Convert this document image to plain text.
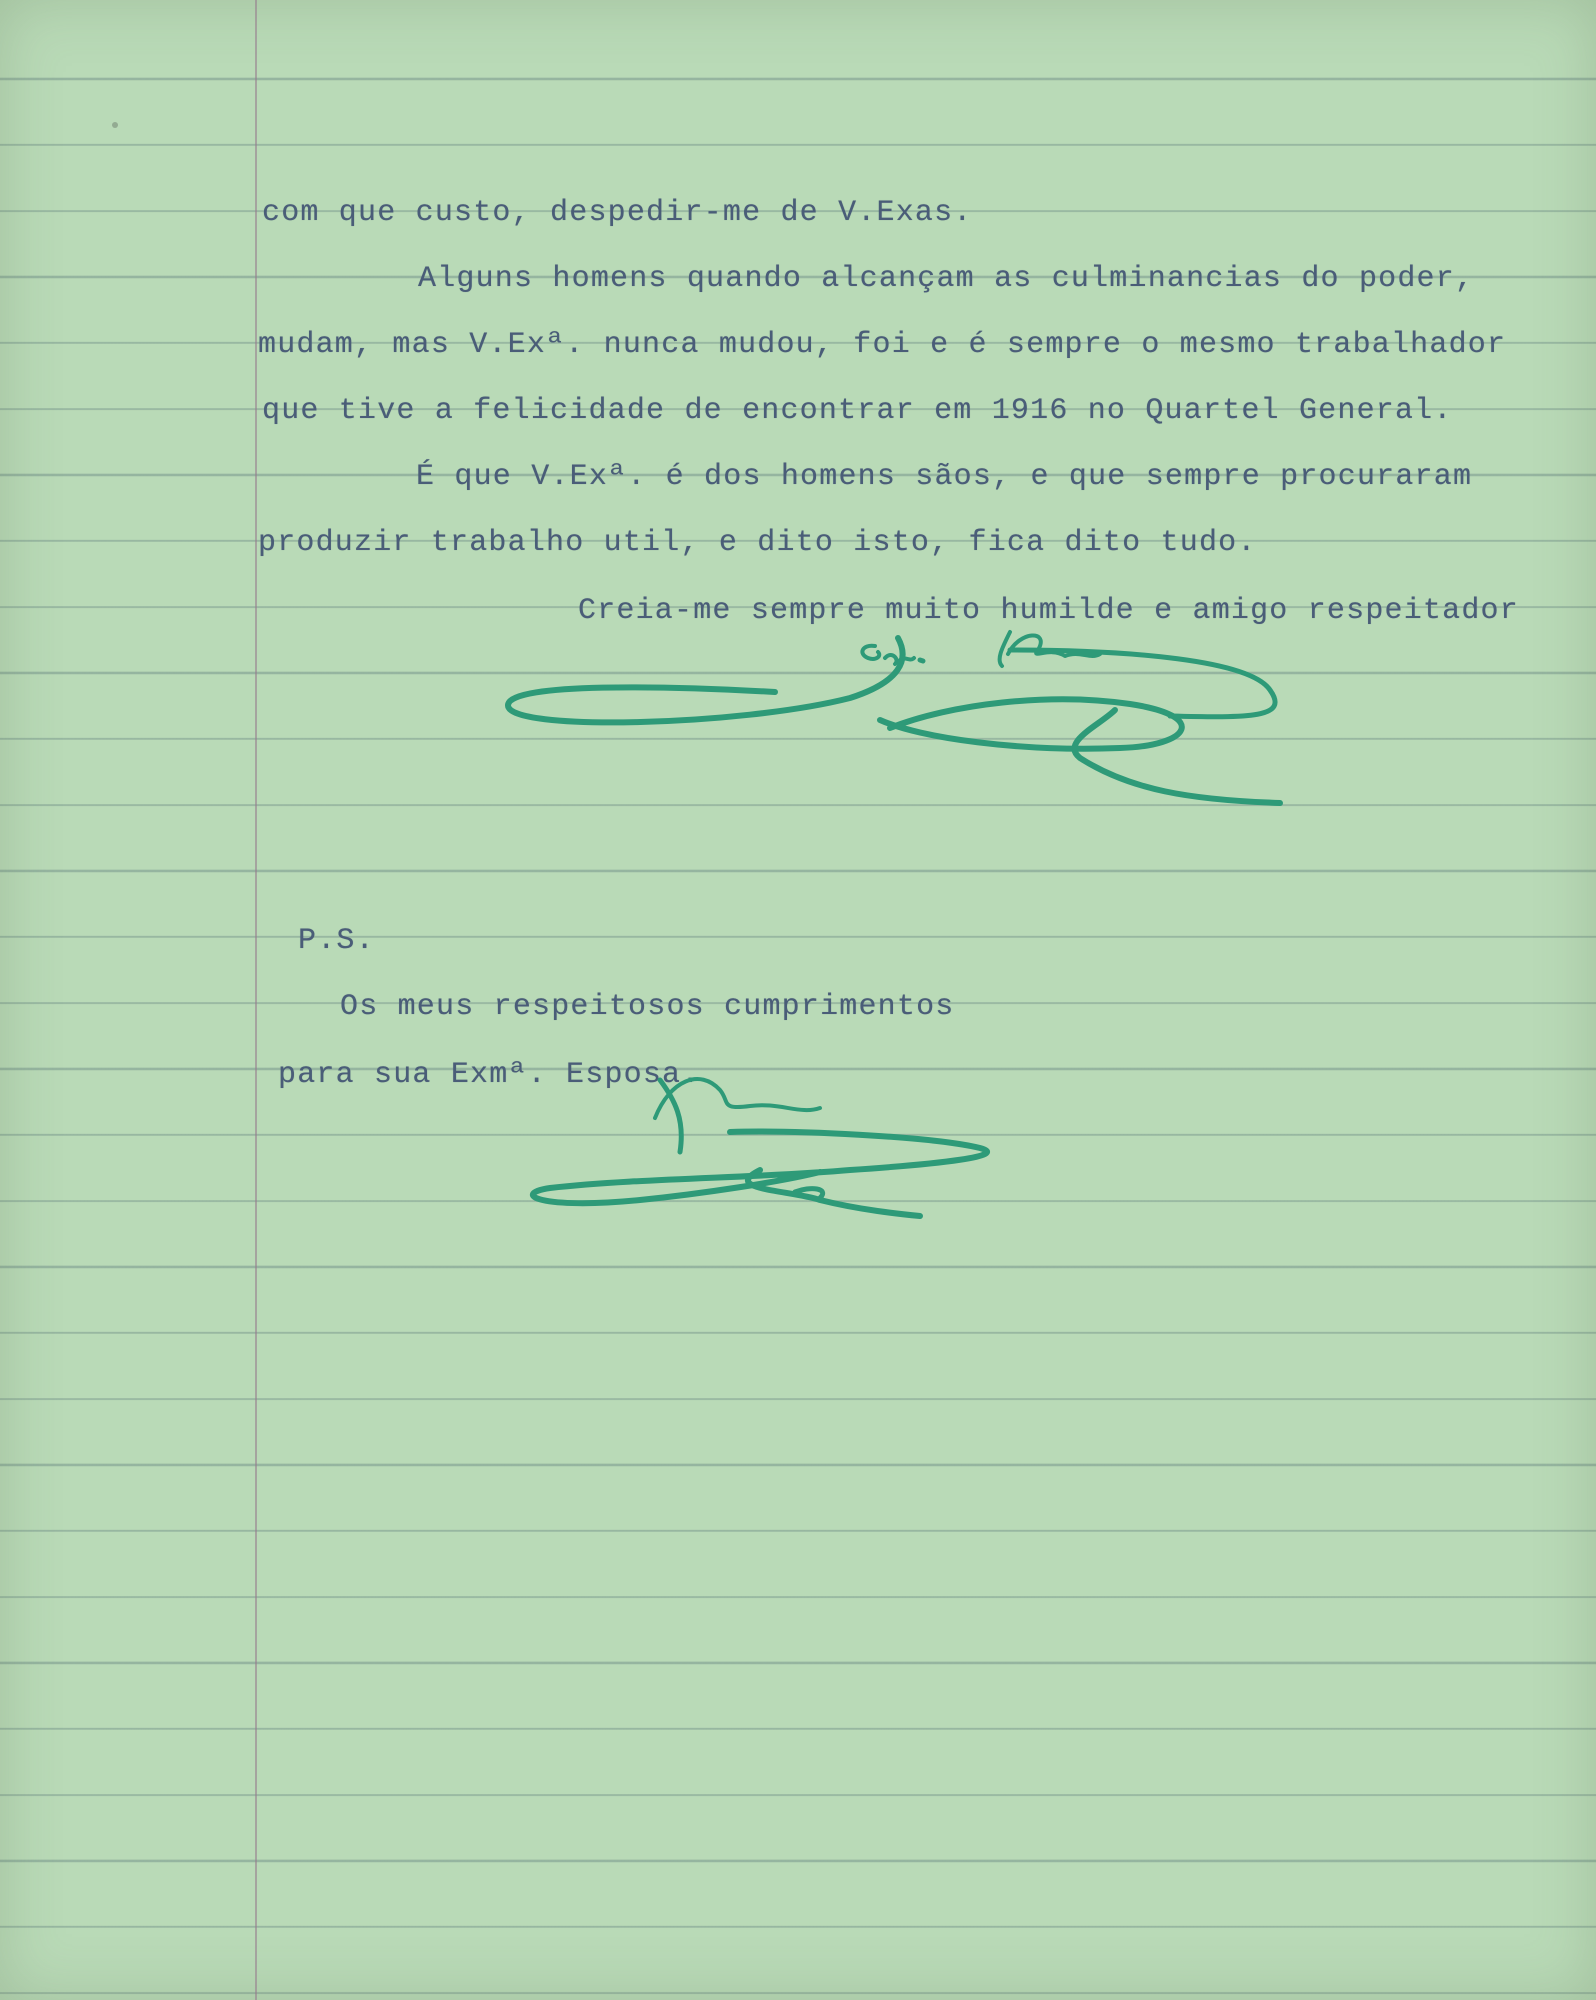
com que custo, despedir-me de V.Exas.

Alguns homens quando alcançam as culminancias do poder,

mudam, mas V.Exª. nunca mudou, foi e é sempre o mesmo trabalhador

que tive a felicidade de encontrar em 1916 no Quartel General.

É que V.Exª. é dos homens sãos, e que sempre procuraram

produzir trabalho util, e dito isto, fica dito tudo.

Creia-me sempre muito humilde e amigo respeitador

P.S.

Os meus respeitosos cumprimentos

para sua Exmª. Esposa.
